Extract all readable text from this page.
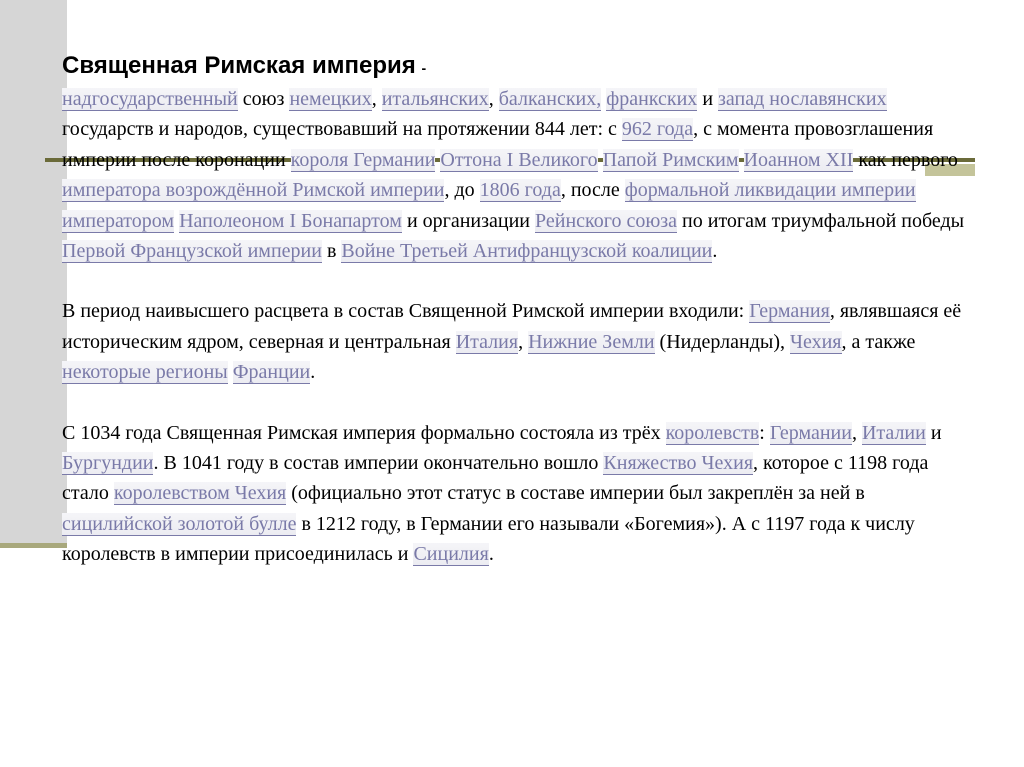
Священная Римская империя -

надгосударственный союз немецких, итальянских, балканских, франкских и запад нославянских государств и народов, существовавший на протяжении 844 лет: с 962 года, с момента провозглашения империи после коронации короля Германии Оттона I Великого Папой Римским Иоанном XII как первого императора возрождённой Римской империи, до 1806 года, после формальной ликвидации империи императором Наполеоном I Бонапартом и организации Рейнского союза по итогам триумфальной победы Первой Французской империи в Войне Третьей Антифранцузской коалиции.

В период наивысшего расцвета в состав Священной Римской империи входили: Германия, являвшаяся её историческим ядром, северная и центральная Италия, Нижние Земли (Нидерланды), Чехия, а также некоторые регионы Франции.

С 1034 года Священная Римская империя формально состояла из трёх королевств: Германии, Италии и Бургундии. В 1041 году в состав империи окончательно вошло Княжество Чехия, которое с 1198 года стало королевством Чехия (официально этот статус в составе империи был закреплён за ней в сицилийской золотой булле в 1212 году, в Германии его называли «Богемия»). А с 1197 года к числу королевств в империи присоединилась и Сицилия.
